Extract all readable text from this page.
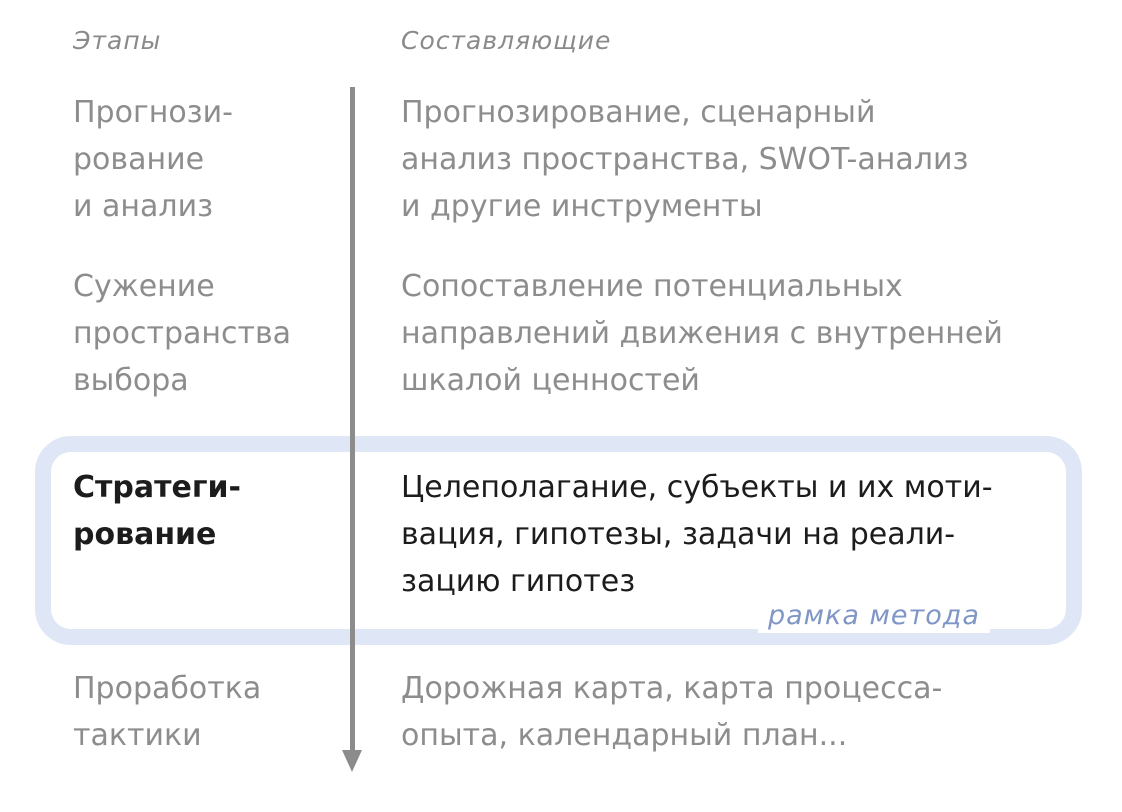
Этапы	Составляющие
рамка метода

Прогнози-
рование
и анализ

Прогнозирование, сценарный
анализ пространства, SWOT-анализ
и другие инструменты

Сужение
пространства
выбора

Сопоставление потенциальных
направлений движения с внутренней
шкалой ценностей

Стратеги-
рование

Целеполагание, субъекты и их моти-
вация, гипотезы, задачи на реали-
зацию гипотез

Проработка
тактики

Дорожная карта, карта процесса-
опыта, календарный план...
